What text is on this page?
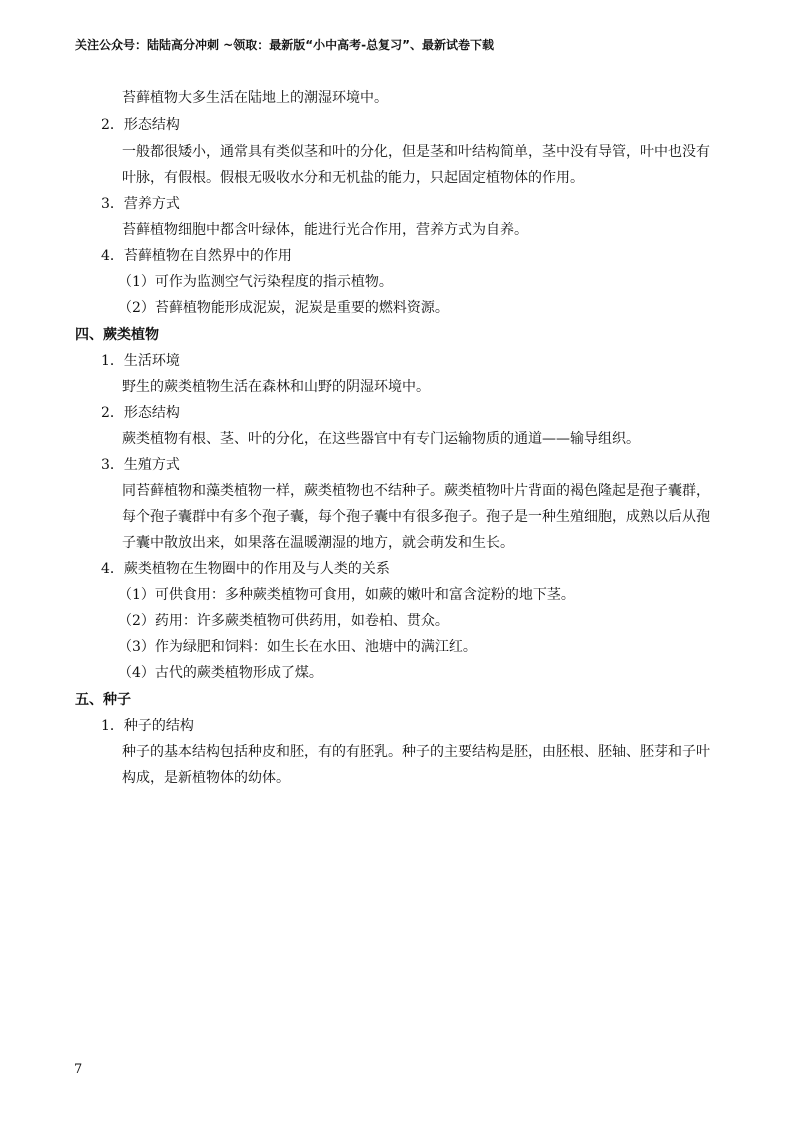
关注公众号：陆陆高分冲刺 ~领取：最新版“小中高考-总复习”、最新试卷下载
苔藓植物大多生活在陆地上的潮湿环境中。
2．形态结构
一般都很矮小，通常具有类似茎和叶的分化，但是茎和叶结构简单，茎中没有导管，叶中也没有
叶脉，有假根。假根无吸收水分和无机盐的能力，只起固定植物体的作用。
3．营养方式
苔藓植物细胞中都含叶绿体，能进行光合作用，营养方式为自养。
4．苔藓植物在自然界中的作用
（1）可作为监测空气污染程度的指示植物。
（2）苔藓植物能形成泥炭，泥炭是重要的燃料资源。
四、蕨类植物
1．生活环境
野生的蕨类植物生活在森林和山野的阴湿环境中。
2．形态结构
蕨类植物有根、茎、叶的分化，在这些器官中有专门运输物质的通道——输导组织。
3．生殖方式
同苔藓植物和藻类植物一样，蕨类植物也不结种子。蕨类植物叶片背面的褐色隆起是孢子囊群，
每个孢子囊群中有多个孢子囊，每个孢子囊中有很多孢子。孢子是一种生殖细胞，成熟以后从孢
子囊中散放出来，如果落在温暖潮湿的地方，就会萌发和生长。
4．蕨类植物在生物圈中的作用及与人类的关系
（1）可供食用：多种蕨类植物可食用，如蕨的嫩叶和富含淀粉的地下茎。
（2）药用：许多蕨类植物可供药用，如卷柏、贯众。
（3）作为绿肥和饲料：如生长在水田、池塘中的满江红。
（4）古代的蕨类植物形成了煤。
五、种子
1．种子的结构
种子的基本结构包括种皮和胚，有的有胚乳。种子的主要结构是胚，由胚根、胚轴、胚芽和子叶
构成，是新植物体的幼体。
7
